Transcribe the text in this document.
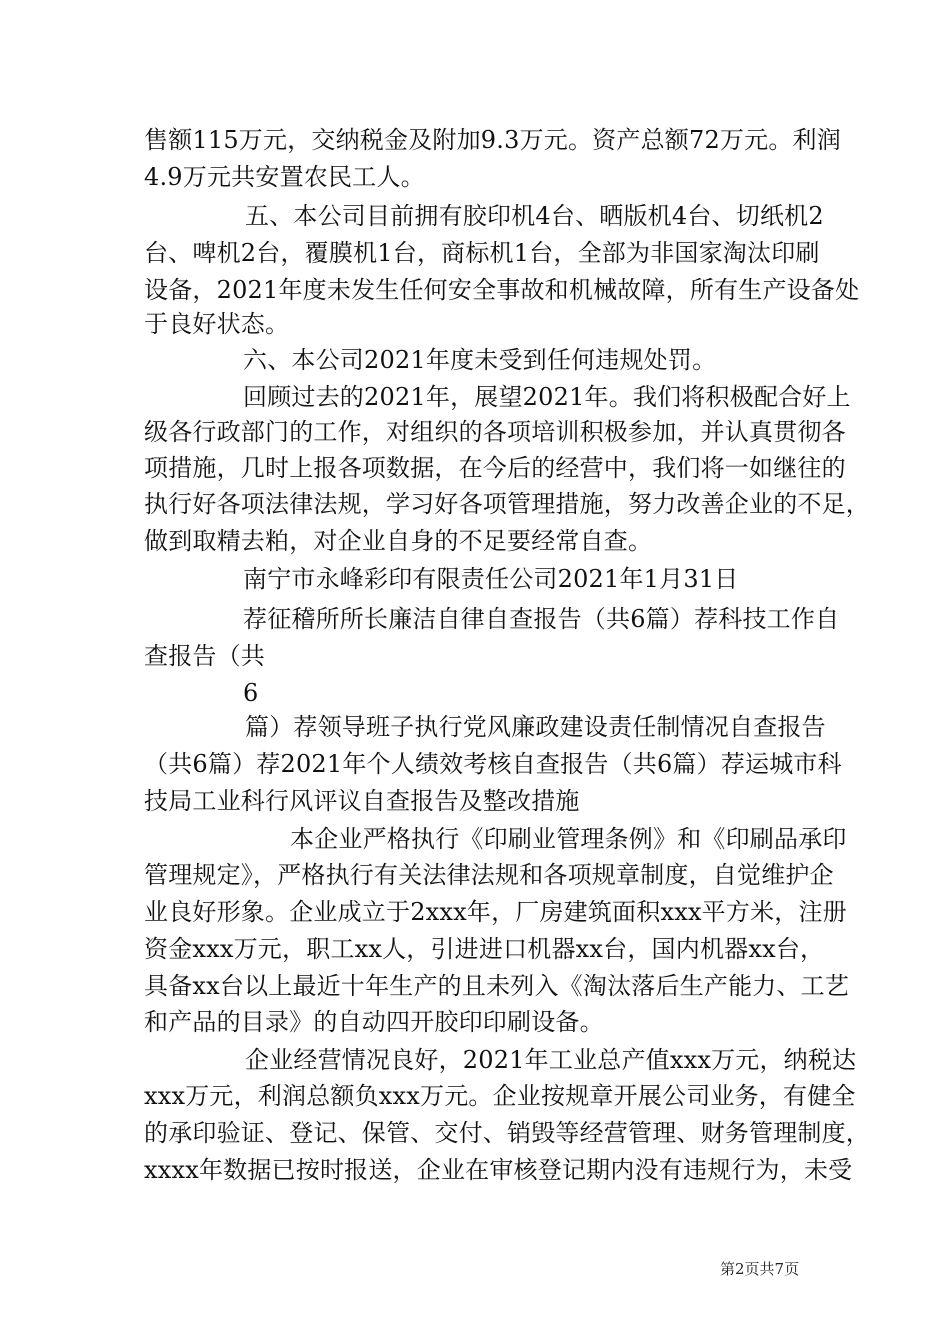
售额115万元，交纳税金及附加9.3万元。资产总额72万元。利润
4.9万元共安置农民工人。
五、本公司目前拥有胶印机4台、晒版机4台、切纸机2
台、啤机2台，覆膜机1台，商标机1台，全部为非国家淘汰印刷
设备，2021年度未发生任何安全事故和机械故障，所有生产设备处
于良好状态。
六、本公司2021年度未受到任何违规处罚。
回顾过去的2021年，展望2021年。我们将积极配合好上
级各行政部门的工作，对组织的各项培训积极参加，并认真贯彻各
项措施，几时上报各项数据，在今后的经营中，我们将一如继往的
执行好各项法律法规，学习好各项管理措施，努力改善企业的不足，
做到取精去粕，对企业自身的不足要经常自查。
南宁市永峰彩印有限责任公司2021年1月31日
荐征稽所所长廉洁自律自查报告（共6篇）荐科技工作自
查报告（共
6
篇）荐领导班子执行党风廉政建设责任制情况自查报告
（共6篇）荐2021年个人绩效考核自查报告（共6篇）荐运城市科
技局工业科行风评议自查报告及整改措施
本企业严格执行《印刷业管理条例》和《印刷品承印
管理规定》，严格执行有关法律法规和各项规章制度，自觉维护企
业良好形象。企业成立于2xxx年，厂房建筑面积xxx平方米，注册
资金xxx万元，职工xx人，引进进口机器xx台，国内机器xx台，
具备xx台以上最近十年生产的且未列入《淘汰落后生产能力、工艺
和产品的目录》的自动四开胶印印刷设备。
企业经营情况良好，2021年工业总产值xxx万元，纳税达
xxx万元，利润总额负xxx万元。企业按规章开展公司业务，有健全
的承印验证、登记、保管、交付、销毁等经营管理、财务管理制度，
xxxx年数据已按时报送，企业在审核登记期内没有违规行为，未受
第2页共7页
